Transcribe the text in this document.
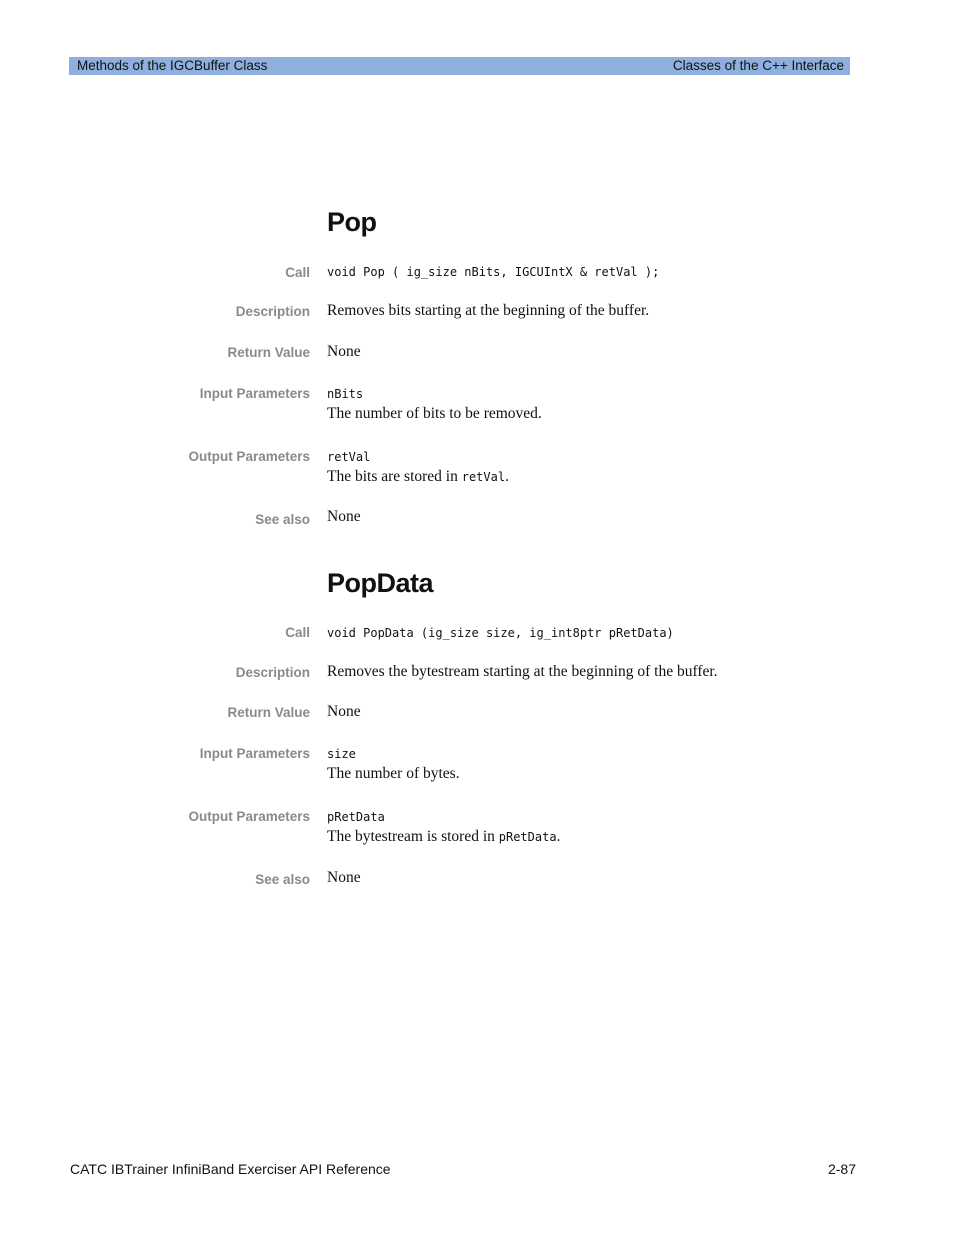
Methods of the IGCBuffer Class	Classes of the C++ Interface
Pop
Call void Pop ( ig_size nBits, IGCUIntX & retVal );
Description Removes bits starting at the beginning of the buffer.
Return Value None
Input Parameters nBits
The number of bits to be removed.
Output Parameters retVal
The bits are stored in retVal.
See also None
PopData
Call void PopData (ig_size size, ig_int8ptr pRetData)
Description Removes the bytestream starting at the beginning of the buffer.
Return Value None
Input Parameters size
The number of bytes.
Output Parameters pRetData
The bytestream is stored in pRetData.
See also None
CATC IBTrainer InfiniBand Exerciser API Reference	2-87
